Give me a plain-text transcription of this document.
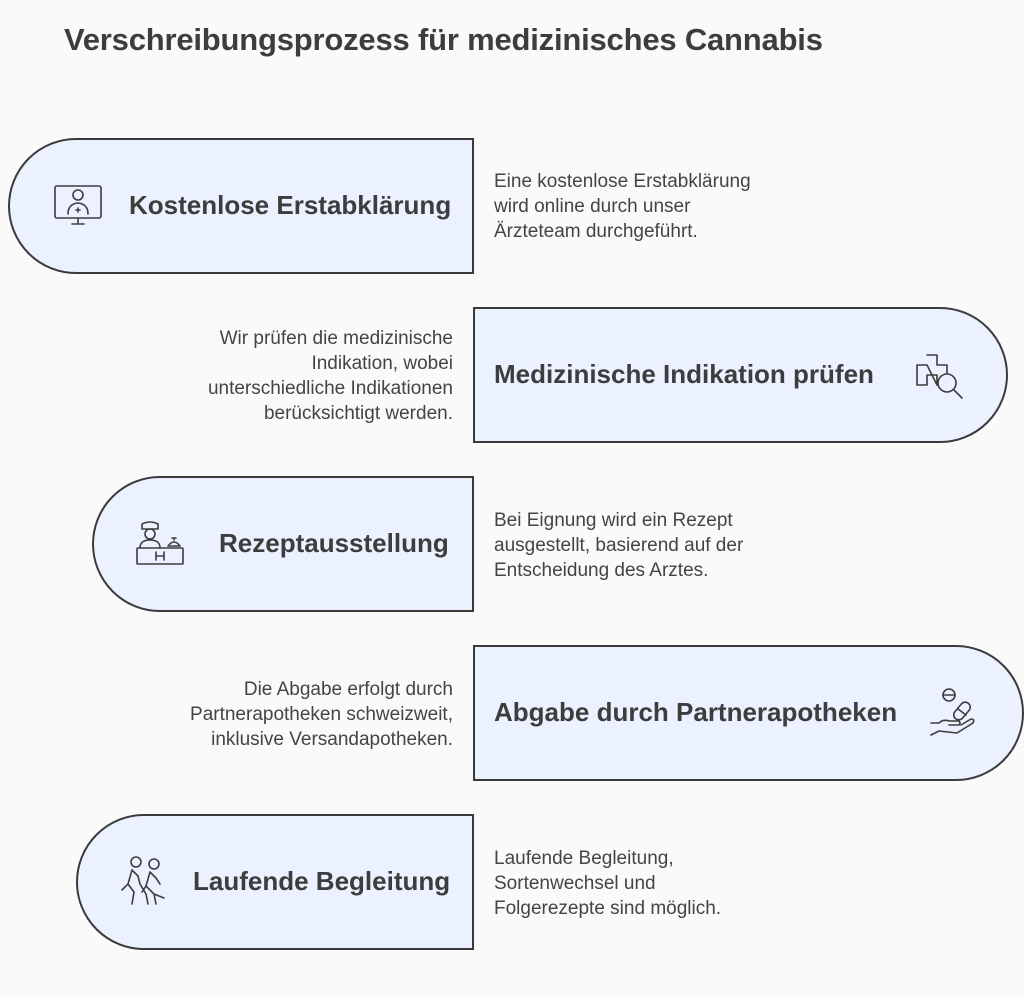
Verschreibungsprozess für medizinisches Cannabis
Kostenlose Erstabklärung
Eine kostenlose Erstabklärung
wird online durch unser
Ärzteteam durchgeführt.
Medizinische Indikation prüfen
Wir prüfen die medizinische
Indikation, wobei
unterschiedliche Indikationen
berücksichtigt werden.
Rezeptausstellung
Bei Eignung wird ein Rezept
ausgestellt, basierend auf der
Entscheidung des Arztes.
Abgabe durch Partnerapotheken
Die Abgabe erfolgt durch
Partnerapotheken schweizweit,
inklusive Versandapotheken.
Laufende Begleitung
Laufende Begleitung,
Sortenwechsel und
Folgerezepte sind möglich.
